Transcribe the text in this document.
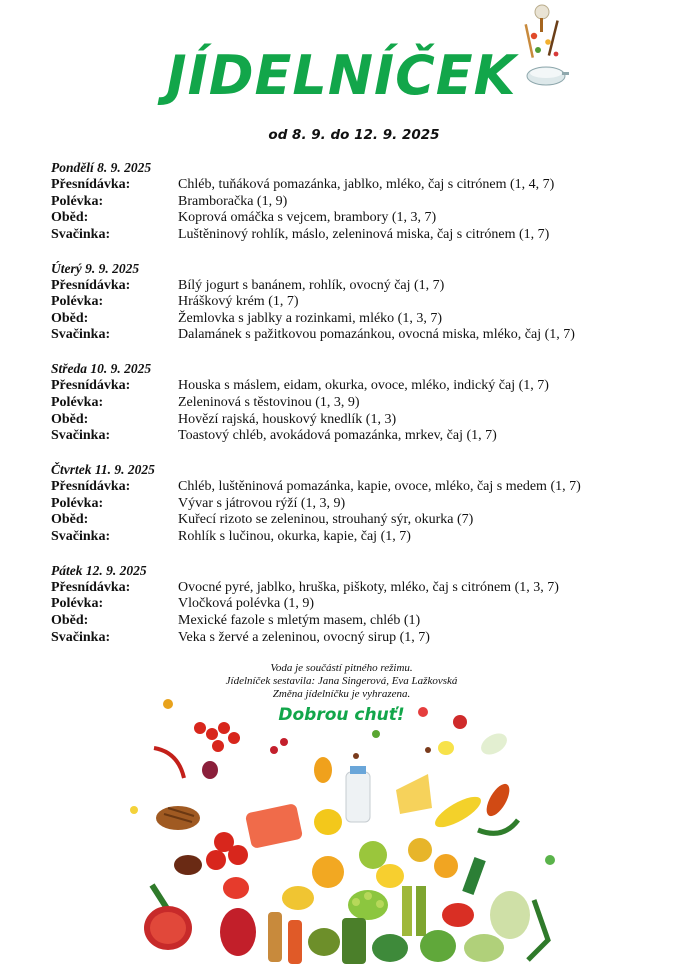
JÍDELNÍČEK
od 8. 9. do 12. 9. 2025
Pondělí 8. 9. 2025
Přesnídávka:	Chléb, tuňáková pomazánka, jablko, mléko, čaj s citrónem (1, 4, 7)
Polévka:	Bramboračka (1, 9)
Oběd:	Koprová omáčka s vejcem, brambory (1, 3, 7)
Svačinka:	Luštěninový rohlík, máslo, zeleninová miska, čaj s citrónem (1, 7)
Úterý 9. 9. 2025
Přesnídávka:	Bílý jogurt s banánem, rohlík, ovocný čaj (1, 7)
Polévka:	Hráškový krém (1, 7)
Oběd:	Žemlovka s jablky a rozinkami, mléko (1, 3, 7)
Svačinka:	Dalamánek s pažitkovou pomazánkou, ovocná miska, mléko, čaj (1, 7)
Středa 10. 9. 2025
Přesnídávka:	Houska s máslem, eidam, okurka, ovoce, mléko, indický čaj (1, 7)
Polévka:	Zeleninová s těstovinou (1, 3, 9)
Oběd:	Hovězí rajská, houskový knedlík (1, 3)
Svačinka:	Toastový chléb, avokádová pomazánka, mrkev, čaj (1, 7)
Čtvrtek 11. 9. 2025
Přesnídávka:	Chléb, luštěninová pomazánka, kapie, ovoce, mléko, čaj s medem (1, 7)
Polévka:	Vývar s játrovou rýží (1, 3, 9)
Oběd:	Kuřecí rizoto se zeleninou, strouhaný sýr, okurka (7)
Svačinka:	Rohlík s lučinou, okurka, kapie, čaj (1, 7)
Pátek 12. 9. 2025
Přesnídávka:	Ovocné pyré, jablko, hruška, piškoty, mléko, čaj s citrónem (1, 3, 7)
Polévka:	Vločková polévka (1, 9)
Oběd:	Mexické fazole s mletým masem, chléb (1)
Svačinka:	Veka s žervé a zeleninou, ovocný sirup (1, 7)
Voda je součástí pitného režimu.
Jídelníček sestavila: Jana Singerová, Eva Lažkovská
Změna jídelníčku je vyhrazena.
Dobrou chuť!
